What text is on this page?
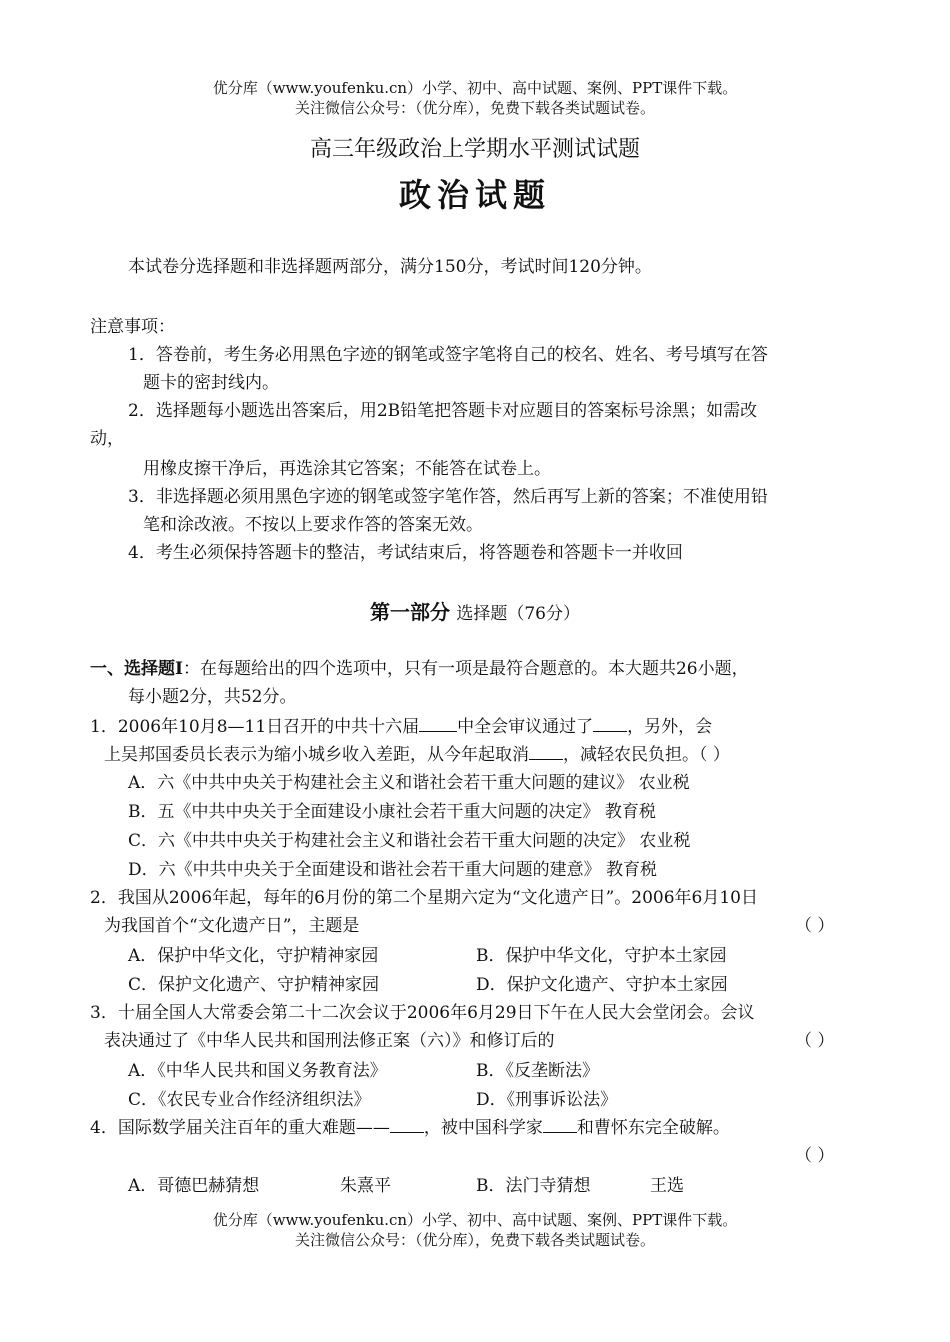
优分库（www.youfenku.cn）小学、初中、高中试题、案例、PPT课件下载。
关注微信公众号：（优分库），免费下载各类试题试卷。
高三年级政治上学期水平测试试题
政治试题
本试卷分选择题和非选择题两部分，满分150分，考试时间120分钟。
注意事项：
1．答卷前，考生务必用黑色字迹的钢笔或签字笔将自己的校名、姓名、考号填写在答
题卡的密封线内。
2．选择题每小题选出答案后，用2B铅笔把答题卡对应题目的答案标号涂黑；如需改
动，
用橡皮擦干净后，再选涂其它答案；不能答在试卷上。
3．非选择题必须用黑色字迹的钢笔或签字笔作答，然后再写上新的答案；不准使用铅
笔和涂改液。不按以上要求作答的答案无效。
4．考生必须保持答题卡的整洁，考试结束后，将答题卷和答题卡一并收回
第一部分 选择题（76分）
一、选择题Ⅰ：在每题给出的四个选项中，只有一项是最符合题意的。本大题共26小题，
每小题2分，共52分。
1．2006年10月8—11日召开的中共十六届 中全会审议通过了 ，另外，会
上吴邦国委员长表示为缩小城乡收入差距，从今年起取消 ，减轻农民负担。（ ）
A．六《中共中央关于构建社会主义和谐社会若干重大问题的建议》 农业税
B．五《中共中央关于全面建设小康社会若干重大问题的决定》 教育税
C．六《中共中央关于构建社会主义和谐社会若干重大问题的决定》 农业税
D．六《中共中央关于全面建设和谐社会若干重大问题的建意》 教育税
2．我国从2006年起，每年的6月份的第二个星期六定为“文化遗产日”。2006年6月10日
为我国首个“文化遗产日”，主题是	（ ）
A．保护中华文化，守护精神家园	B．保护中华文化，守护本土家园
C．保护文化遗产、守护精神家园	D．保护文化遗产、守护本土家园
3．十届全国人大常委会第二十二次会议于2006年6月29日下午在人民大会堂闭会。会议
表决通过了《中华人民共和国刑法修正案（六）》和修订后的	（ ）
A．《中华人民共和国义务教育法》	B．《反垄断法》
C．《农民专业合作经济组织法》	D．《刑事诉讼法》
4．国际数学届关注百年的重大难题—— ，被中国科学家 和曹怀东完全破解。
（ ）
A．哥德巴赫猜想	朱熹平	B．法门寺猜想	王选
优分库（www.youfenku.cn）小学、初中、高中试题、案例、PPT课件下载。
关注微信公众号：（优分库），免费下载各类试题试卷。
